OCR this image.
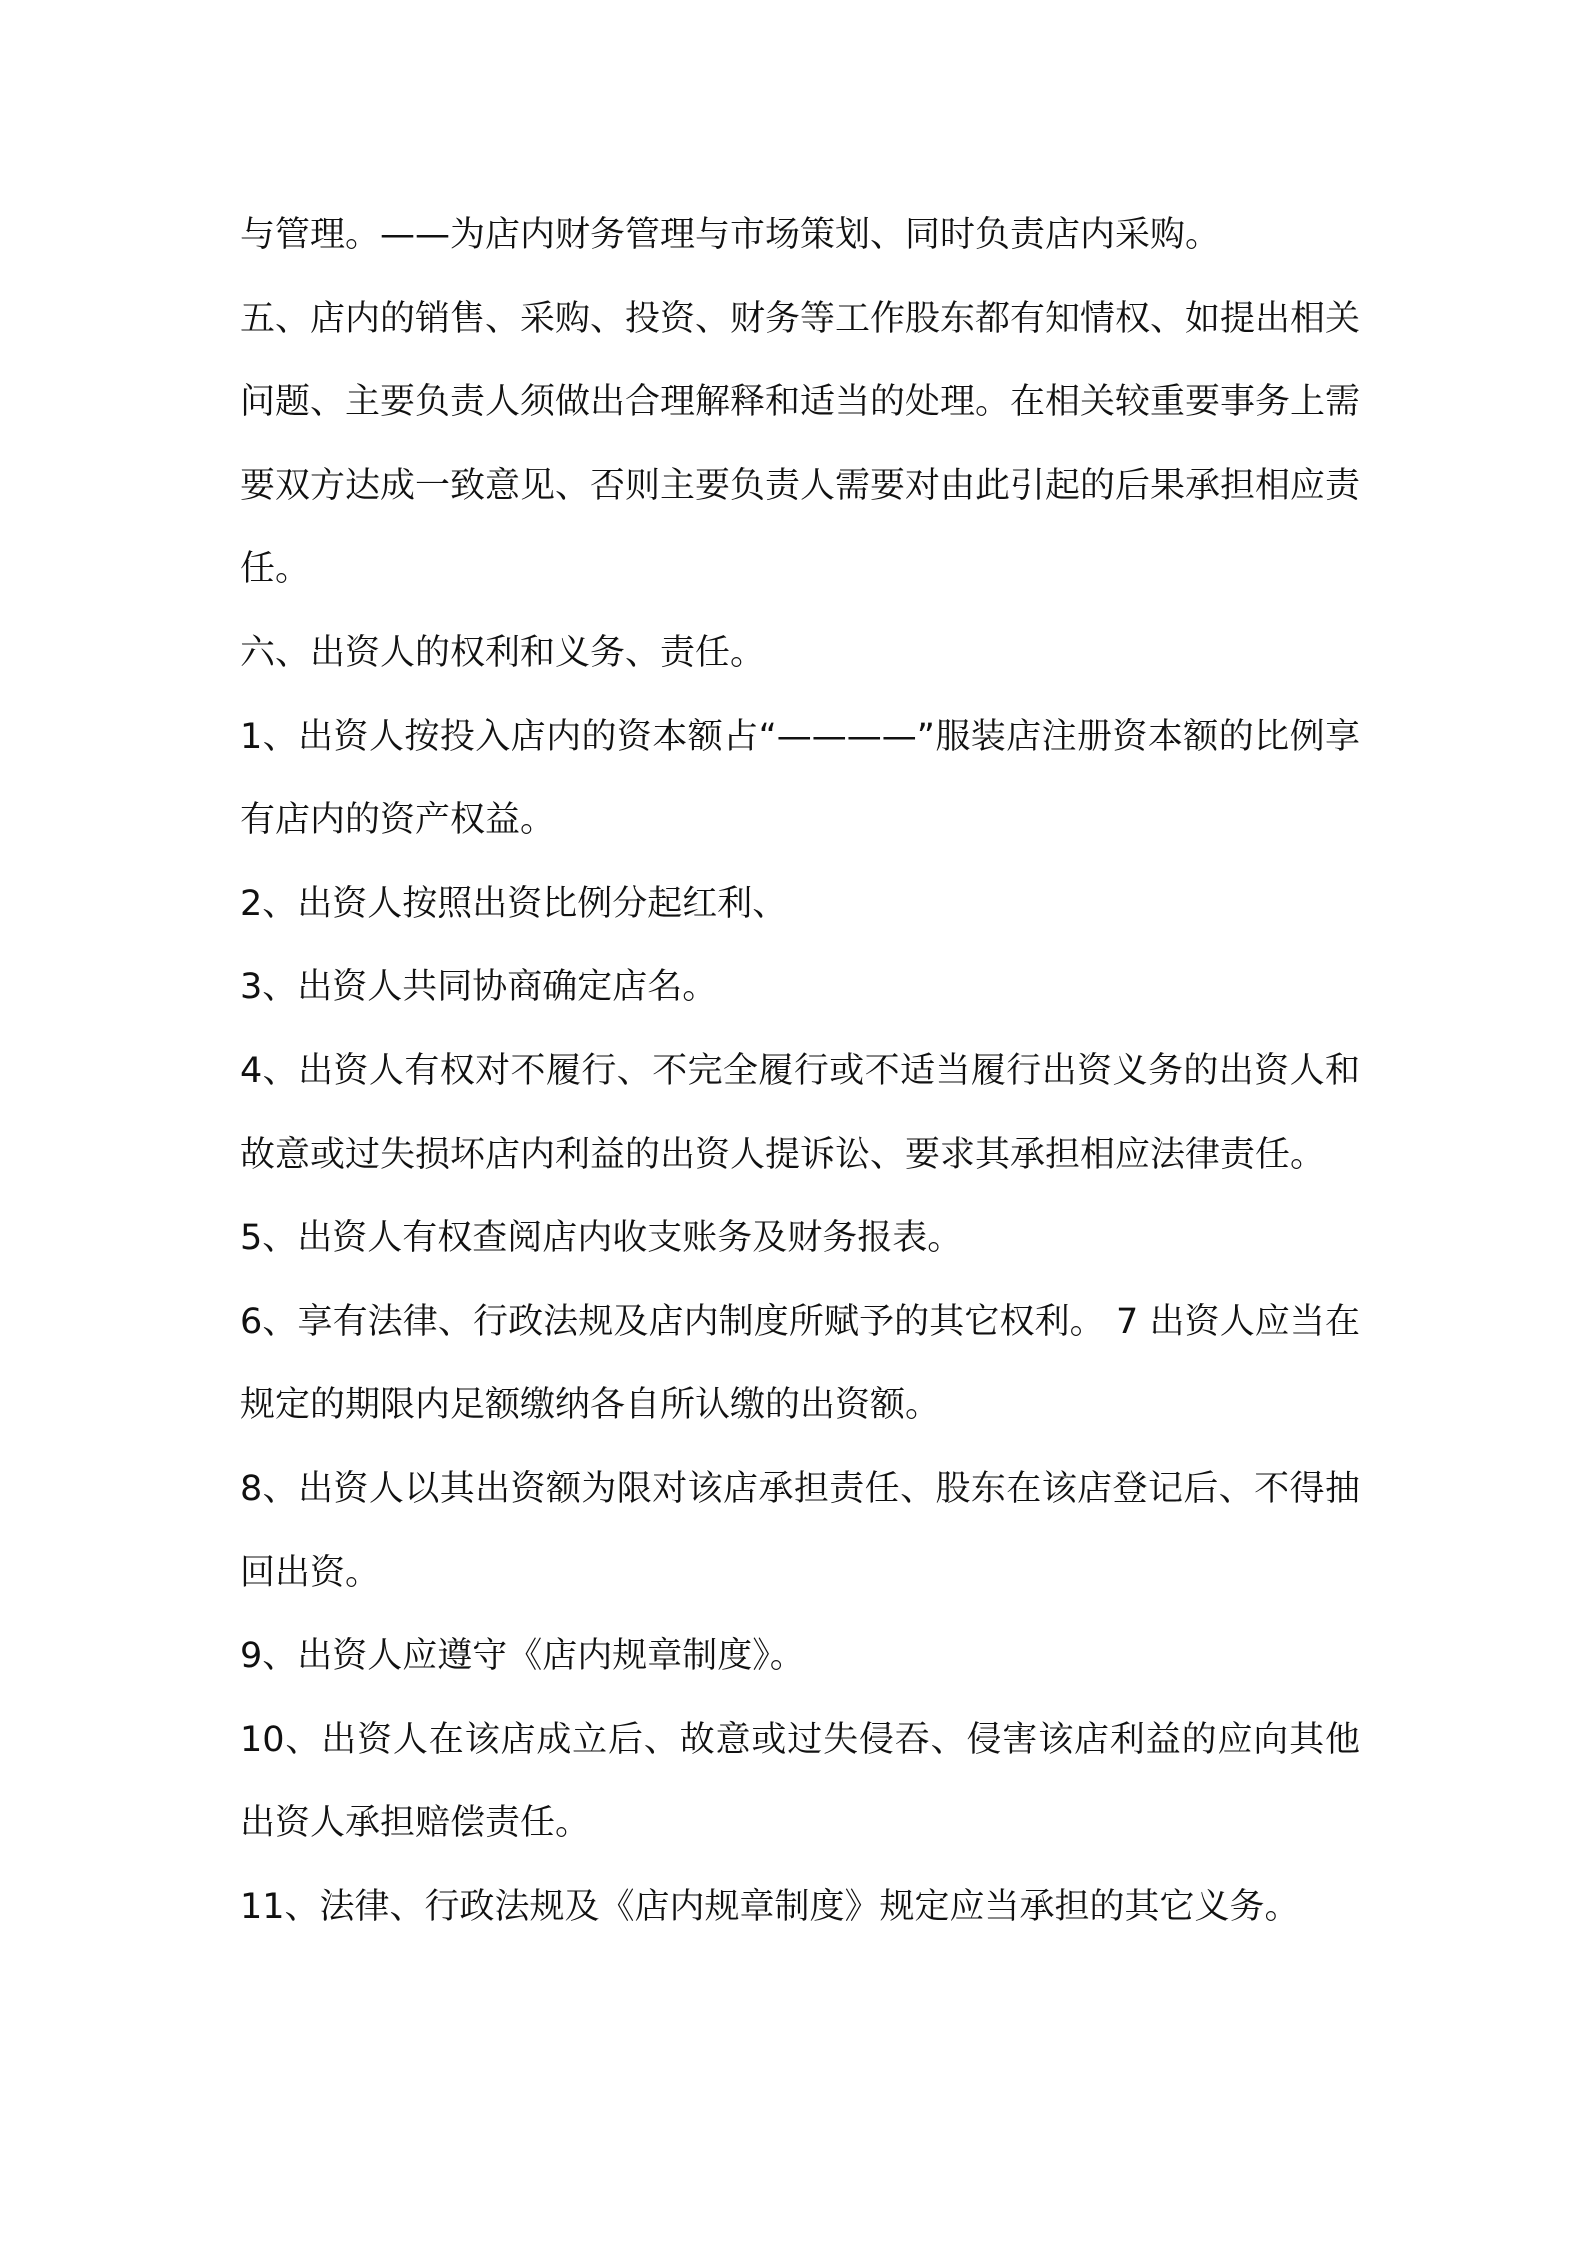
与管理。——为店内财务管理与市场策划、同时负责店内采购。

五、店内的销售、采购、投资、财务等工作股东都有知情权、如提出相关问题、主要负责人须做出合理解释和适当的处理。在相关较重要事务上需要双方达成一致意见、否则主要负责人需要对由此引起的后果承担相应责任。

六、出资人的权利和义务、责任。

1、出资人按投入店内的资本额占“————”服装店注册资本额的比例享有店内的资产权益。

2、出资人按照出资比例分起红利、

3、出资人共同协商确定店名。

4、出资人有权对不履行、不完全履行或不适当履行出资义务的出资人和故意或过失损坏店内利益的出资人提诉讼、要求其承担相应法律责任。

5、出资人有权查阅店内收支账务及财务报表。

6、享有法律、行政法规及店内制度所赋予的其它权利。 7 出资人应当在规定的期限内足额缴纳各自所认缴的出资额。

8、出资人以其出资额为限对该店承担责任、股东在该店登记后、不得抽回出资。

9、出资人应遵守《店内规章制度》。

10、出资人在该店成立后、故意或过失侵吞、侵害该店利益的应向其他出资人承担赔偿责任。

11、法律、行政法规及《店内规章制度》规定应当承担的其它义务。
